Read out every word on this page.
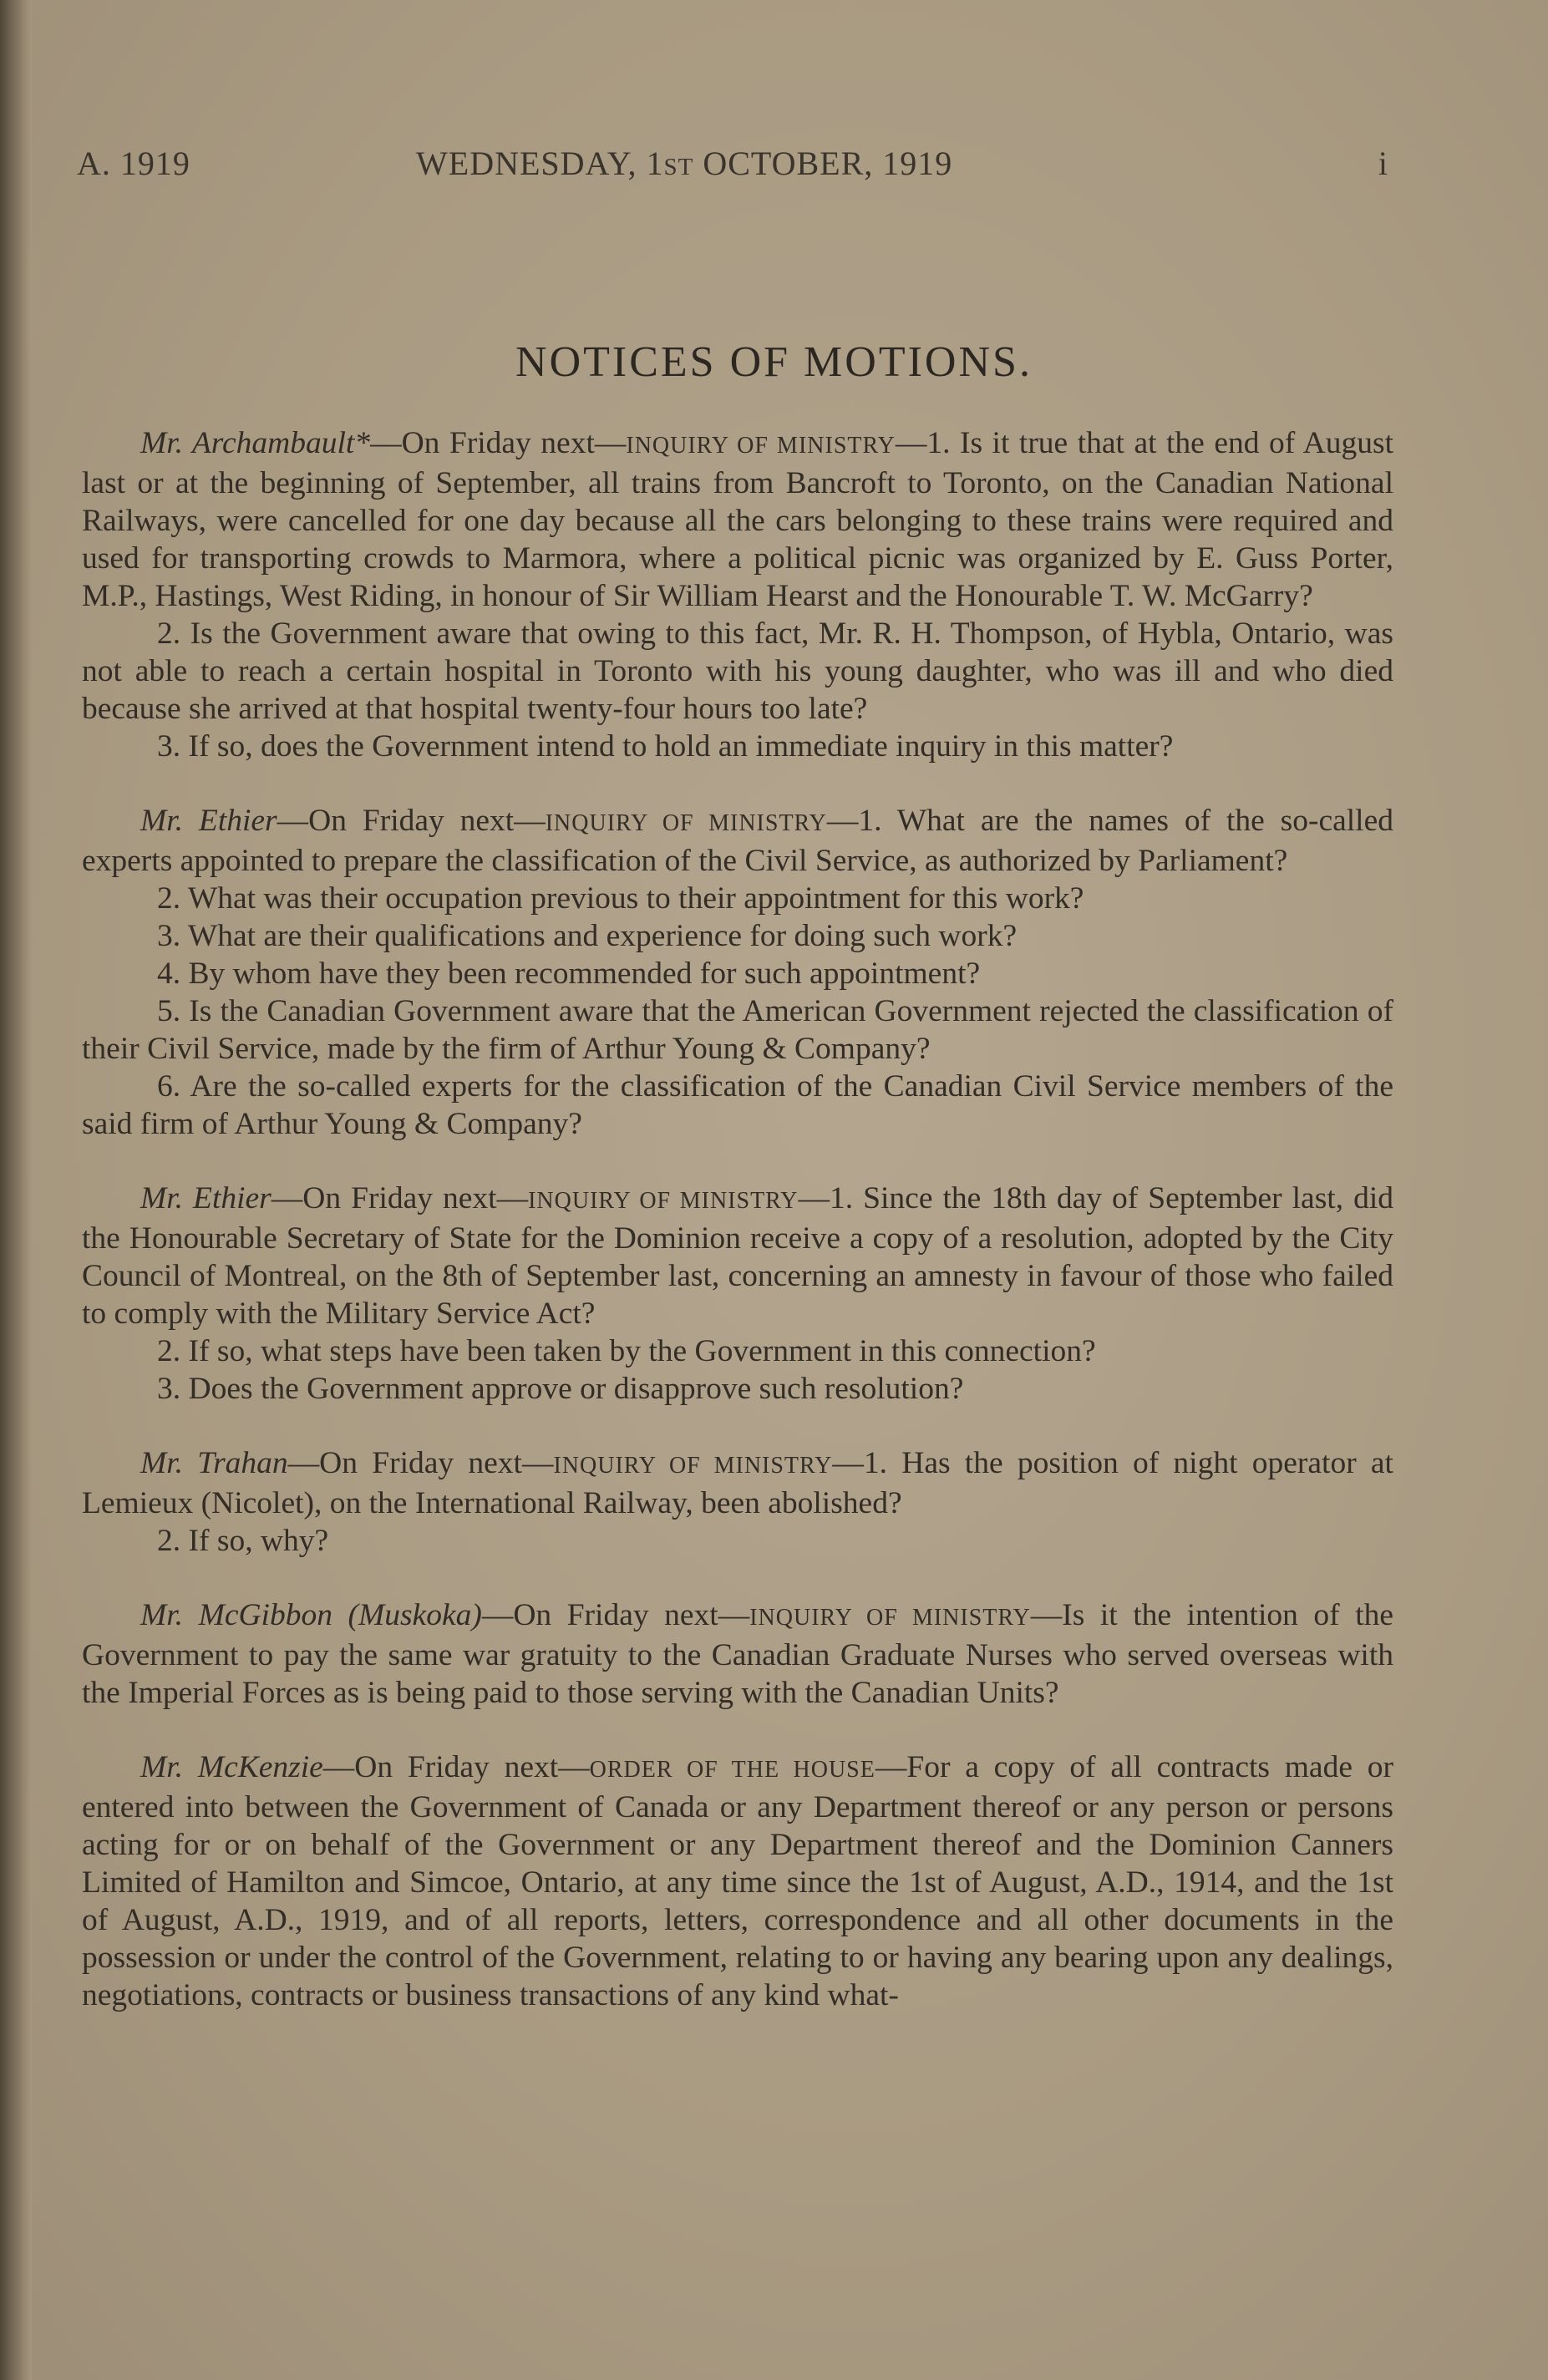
A. 1919	WEDNESDAY, 1ST OCTOBER, 1919	i
NOTICES OF MOTIONS.

Mr. Archambault*—On Friday next—INQUIRY OF MINISTRY—1. Is it true that at the end of August last or at the beginning of September, all trains from Bancroft to Toronto, on the Canadian National Railways, were cancelled for one day because all the cars belonging to these trains were required and used for transporting crowds to Marmora, where a political picnic was organized by E. Guss Porter, M.P., Hastings, West Riding, in honour of Sir William Hearst and the Honourable T. W. McGarry?

2. Is the Government aware that owing to this fact, Mr. R. H. Thompson, of Hybla, Ontario, was not able to reach a certain hospital in Toronto with his young daughter, who was ill and who died because she arrived at that hospital twenty-four hours too late?

3. If so, does the Government intend to hold an immediate inquiry in this matter?

Mr. Ethier—On Friday next—INQUIRY OF MINISTRY—1. What are the names of the so-called experts appointed to prepare the classification of the Civil Service, as authorized by Parliament?

2. What was their occupation previous to their appointment for this work?

3. What are their qualifications and experience for doing such work?

4. By whom have they been recommended for such appointment?

5. Is the Canadian Government aware that the American Government rejected the classification of their Civil Service, made by the firm of Arthur Young & Company?

6. Are the so-called experts for the classification of the Canadian Civil Service members of the said firm of Arthur Young & Company?

Mr. Ethier—On Friday next—INQUIRY OF MINISTRY—1. Since the 18th day of September last, did the Honourable Secretary of State for the Dominion receive a copy of a resolution, adopted by the City Council of Montreal, on the 8th of September last, concerning an amnesty in favour of those who failed to comply with the Military Service Act?

2. If so, what steps have been taken by the Government in this connection?

3. Does the Government approve or disapprove such resolution?

Mr. Trahan—On Friday next—INQUIRY OF MINISTRY—1. Has the position of night operator at Lemieux (Nicolet), on the International Railway, been abolished?

2. If so, why?

Mr. McGibbon (Muskoka)—On Friday next—INQUIRY OF MINISTRY—Is it the intention of the Government to pay the same war gratuity to the Canadian Graduate Nurses who served overseas with the Imperial Forces as is being paid to those serving with the Canadian Units?

Mr. McKenzie—On Friday next—ORDER OF THE HOUSE—For a copy of all contracts made or entered into between the Government of Canada or any Department thereof or any person or persons acting for or on behalf of the Government or any Department thereof and the Dominion Canners Limited of Hamilton and Simcoe, Ontario, at any time since the 1st of August, A.D., 1914, and the 1st of August, A.D., 1919, and of all reports, letters, correspondence and all other documents in the possession or under the control of the Government, relating to or having any bearing upon any dealings, negotiations, contracts or business transactions of any kind what-
